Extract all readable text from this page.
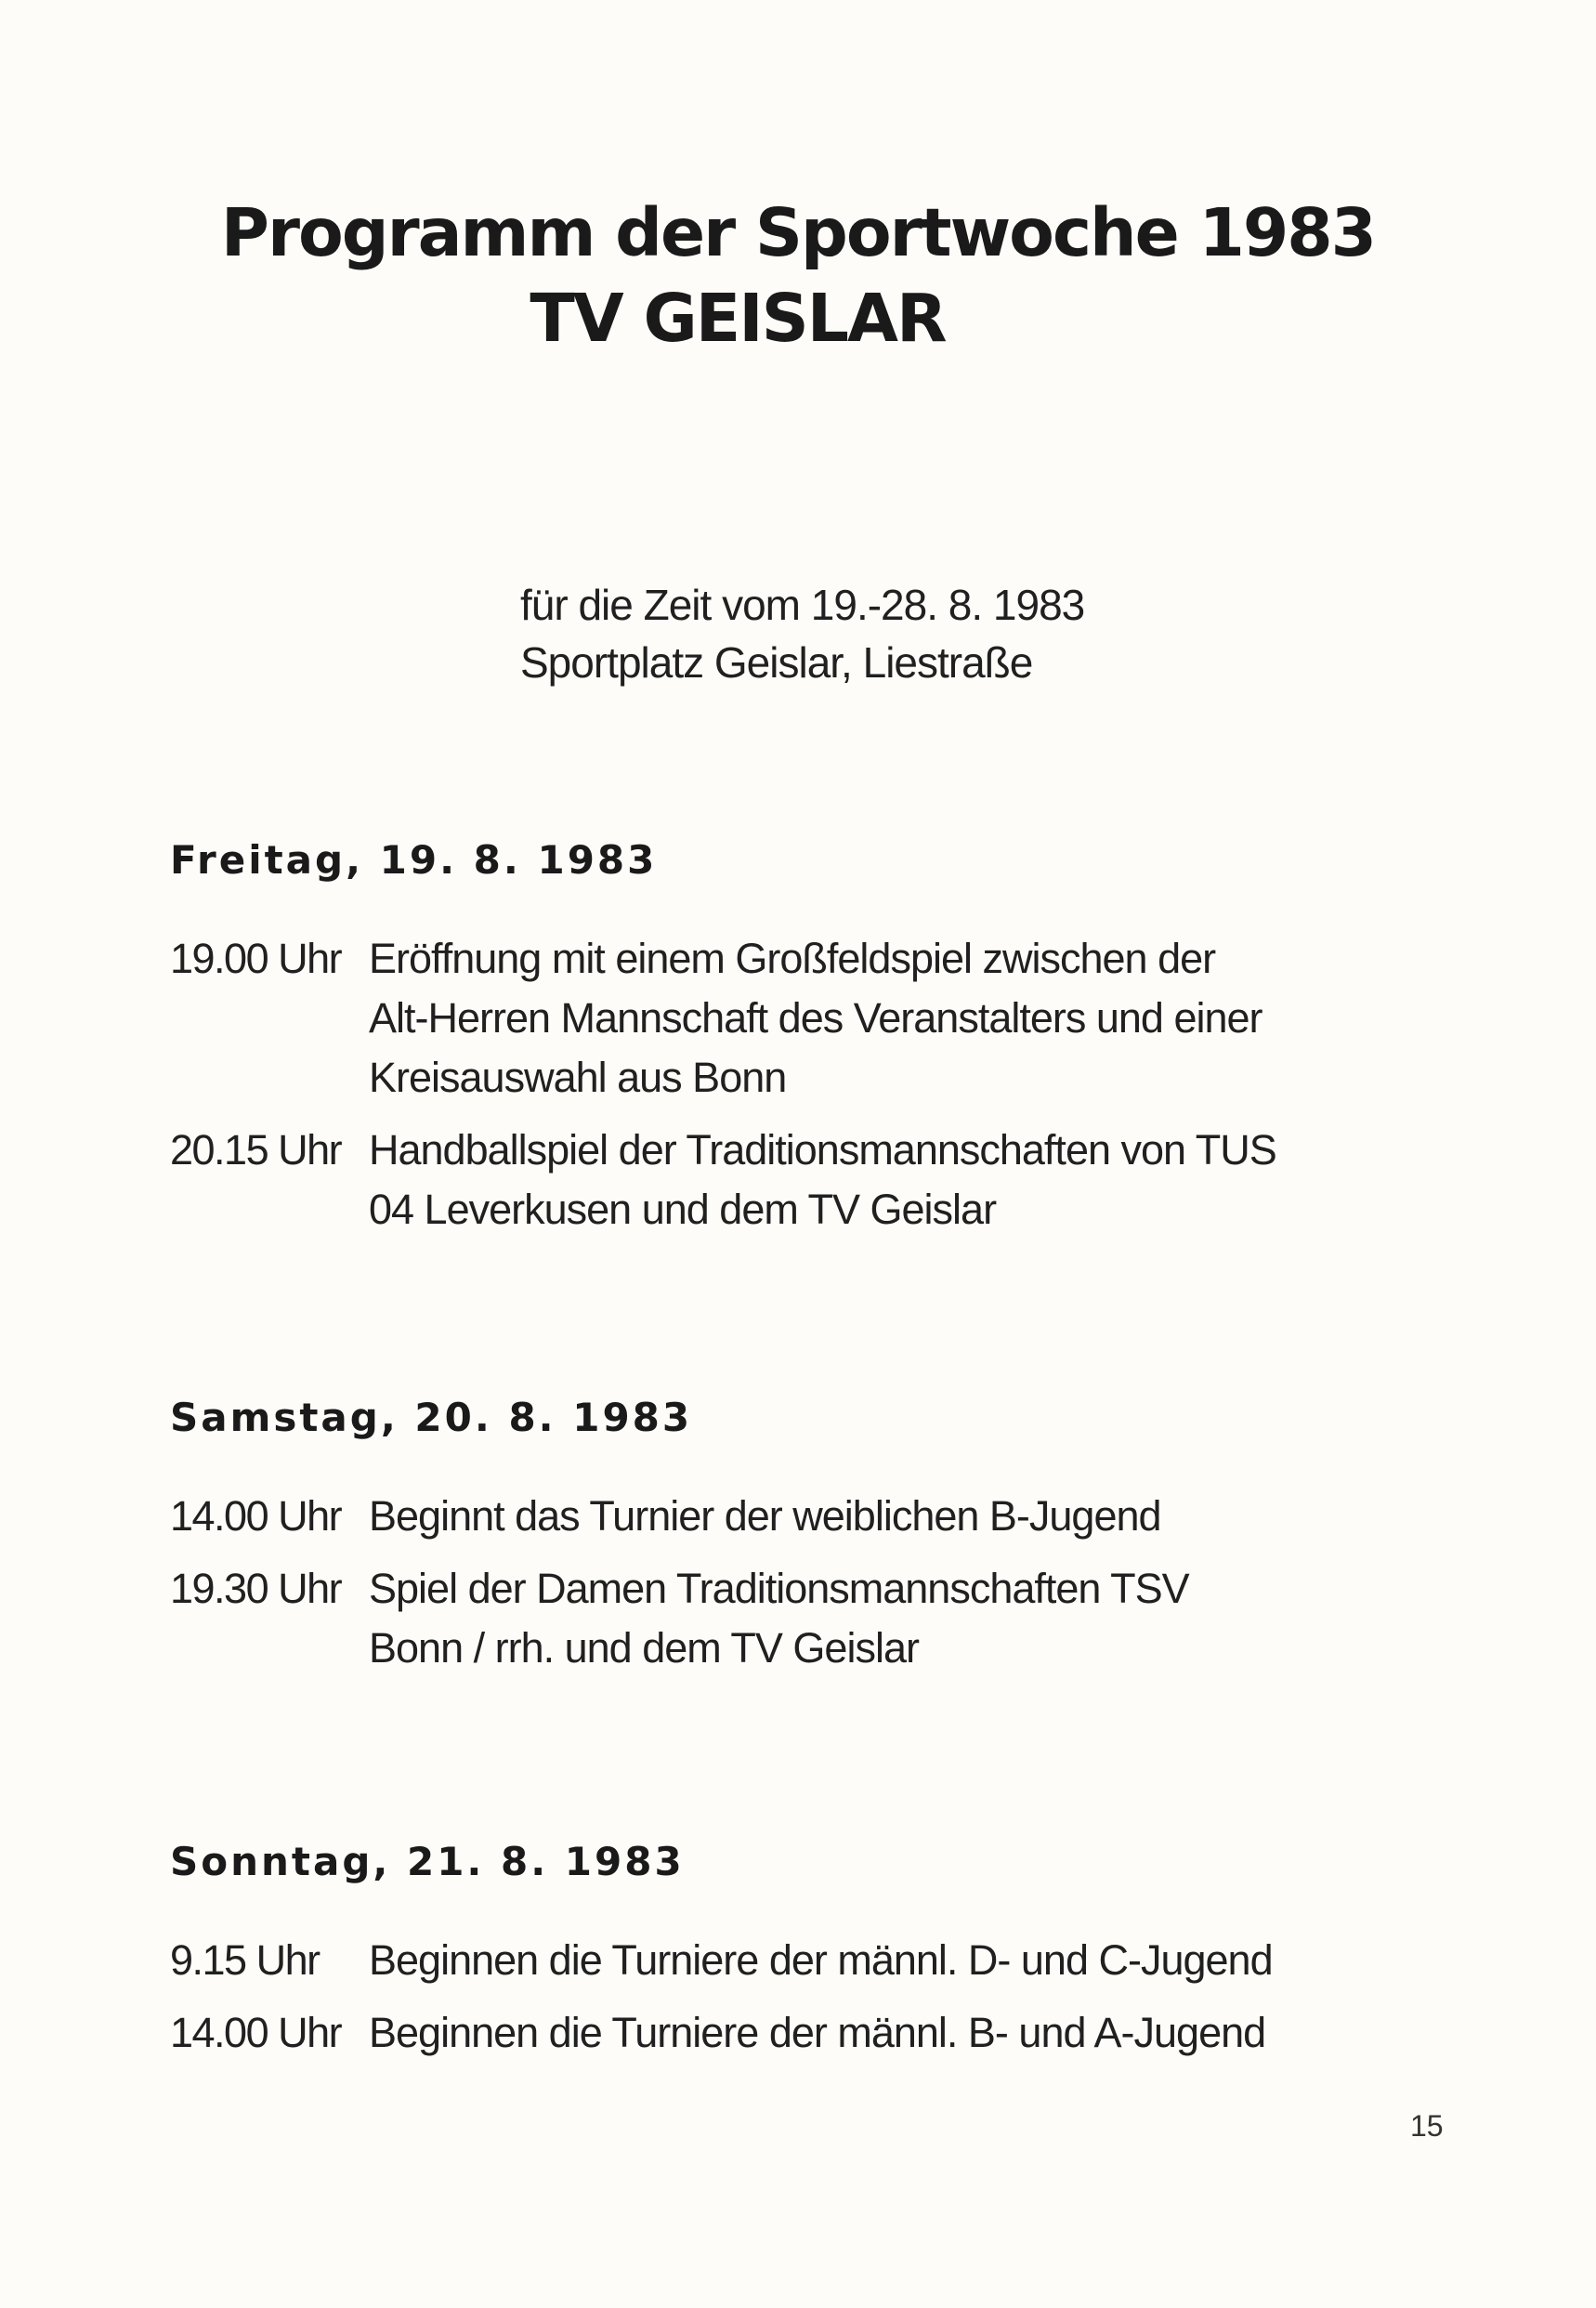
Programm der Sportwoche 1983
TV GEISLAR
für die Zeit vom 19.-28. 8. 1983
Sportplatz Geislar, Liestraße
Freitag, 19. 8. 1983
19.00 Uhr Eröffnung mit einem Großfeldspiel zwischen der
Alt-Herren Mannschaft des Veranstalters und einer
Kreisauswahl aus Bonn
20.15 Uhr Handballspiel der Traditionsmannschaften von TUS
04 Leverkusen und dem TV Geislar
Samstag, 20. 8. 1983
14.00 Uhr Beginnt das Turnier der weiblichen B-Jugend
19.30 Uhr Spiel der Damen Traditionsmannschaften TSV
Bonn / rrh. und dem TV Geislar
Sonntag, 21. 8. 1983
9.15 Uhr	Beginnen die Turniere der männl. D- und C-Jugend
14.00 Uhr Beginnen die Turniere der männl. B- und A-Jugend
15
